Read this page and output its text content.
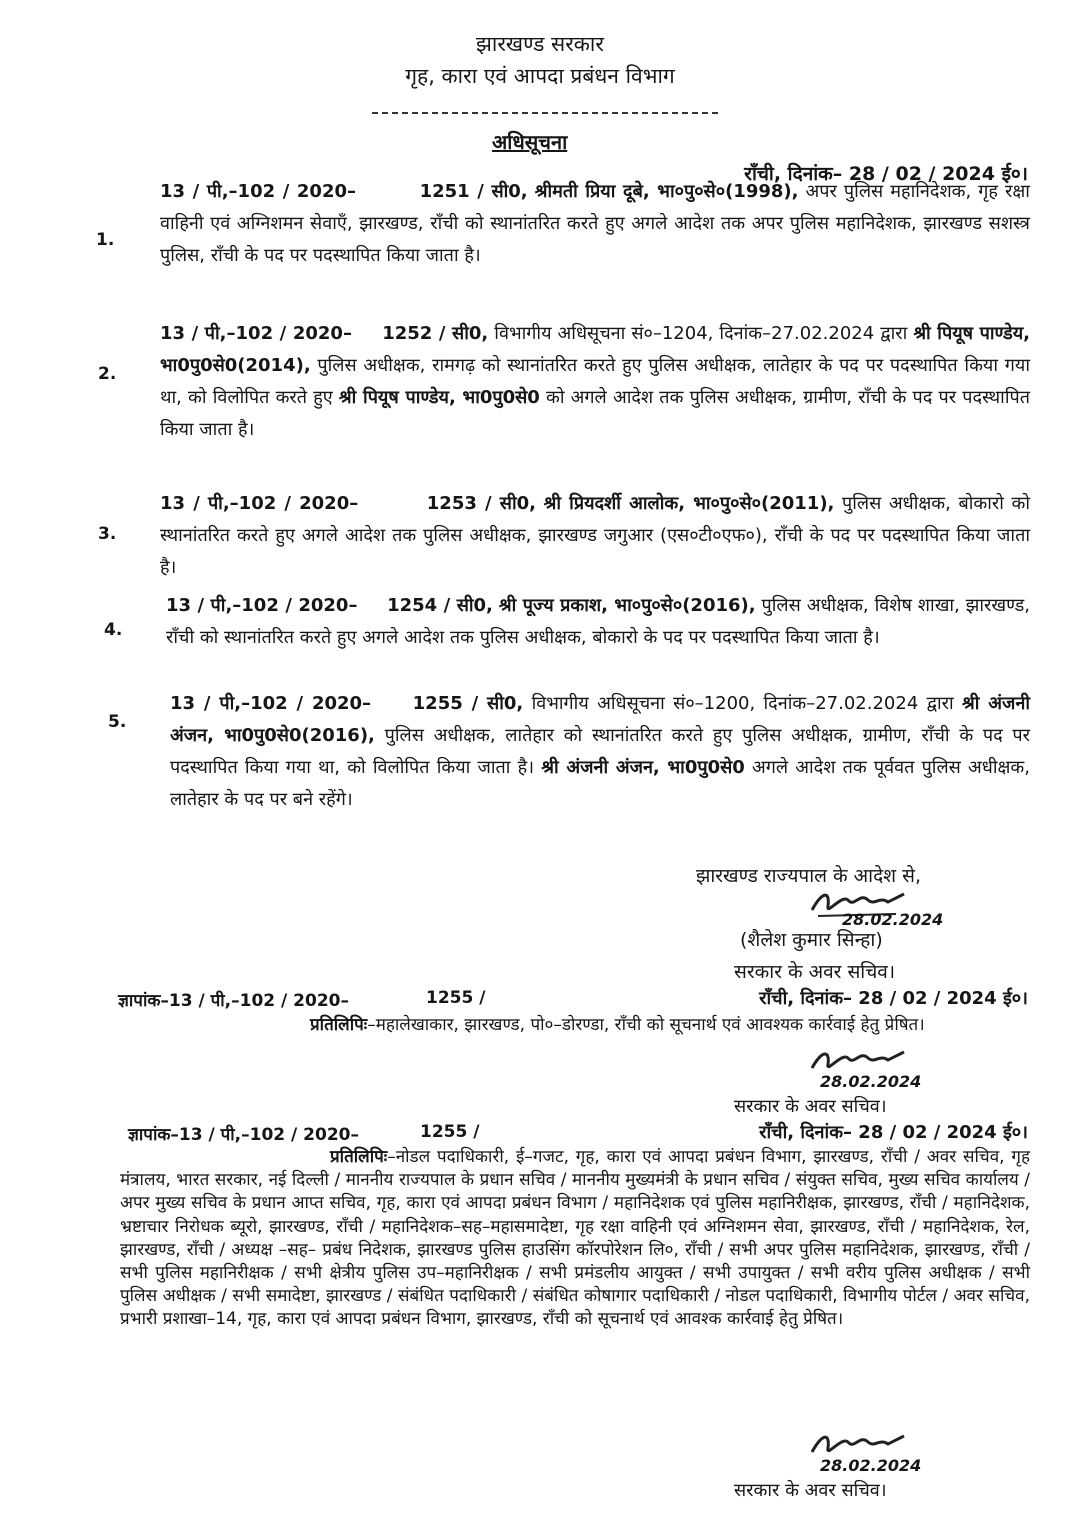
झारखण्ड सरकार
गृह, कारा एवं आपदा प्रबंधन विभाग
अधिसूचना
राँची, दिनांक– 28 / 02 / 2024 ई०।
1.
13 / पी,–102 / 2020–	1251 / सी0, श्रीमती प्रिया दूबे, भा०पु०से०(1998), अपर पुलिस महानिदेशक, गृह रक्षा वाहिनी एवं अग्निशमन सेवाएँ, झारखण्ड, राँची को स्थानांतरित करते हुए अगले आदेश तक अपर पुलिस महानिदेशक, झारखण्ड सशस्त्र पुलिस, राँची के पद पर पदस्थापित किया जाता है।
2.
13 / पी,–102 / 2020– 1252 / सी0, विभागीय अधिसूचना सं०–1204, दिनांक–27.02.2024 द्वारा श्री पियूष पाण्डेय, भा0पु0से0(2014), पुलिस अधीक्षक, रामगढ़ को स्थानांतरित करते हुए पुलिस अधीक्षक, लातेहार के पद पर पदस्थापित किया गया था, को विलोपित करते हुए श्री पियूष पाण्डेय, भा0पु0से0 को अगले आदेश तक पुलिस अधीक्षक, ग्रामीण, राँची के पद पर पदस्थापित किया जाता है।
3.
13 / पी,–102 / 2020–	1253 / सी0, श्री प्रियदर्शी आलोक, भा०पु०से०(2011), पुलिस अधीक्षक, बोकारो को स्थानांतरित करते हुए अगले आदेश तक पुलिस अधीक्षक, झारखण्ड जगुआर (एस०टी०एफ०), राँची के पद पर पदस्थापित किया जाता है।
4.
13 / पी,–102 / 2020– 1254 / सी0, श्री पूज्य प्रकाश, भा०पु०से०(2016), पुलिस अधीक्षक, विशेष शाखा, झारखण्ड, राँची को स्थानांतरित करते हुए अगले आदेश तक पुलिस अधीक्षक, बोकारो के पद पर पदस्थापित किया जाता है।
5.
13 / पी,–102 / 2020– 1255 / सी0, विभागीय अधिसूचना सं०–1200, दिनांक–27.02.2024 द्वारा श्री अंजनी अंजन, भा0पु0से0(2016), पुलिस अधीक्षक, लातेहार को स्थानांतरित करते हुए पुलिस अधीक्षक, ग्रामीण, राँची के पद पर पदस्थापित किया गया था, को विलोपित किया जाता है। श्री अंजनी अंजन, भा0पु0से0 अगले आदेश तक पूर्ववत पुलिस अधीक्षक, लातेहार के पद पर बने रहेंगे।
झारखण्ड राज्यपाल के आदेश से,
28.02.2024
(शैलेश कुमार सिन्हा)
सरकार के अवर सचिव।
ज्ञापांक–13 / पी,–102 / 2020–	1255 /	राँची, दिनांक– 28 / 02 / 2024 ई०।
प्रतिलिपिः–महालेखाकार, झारखण्ड, पो०–डोरण्डा, राँची को सूचनार्थ एवं आवश्यक कार्रवाई हेतु प्रेषित।
28.02.2024
सरकार के अवर सचिव।
ज्ञापांक–13 / पी,–102 / 2020–	1255 /	राँची, दिनांक– 28 / 02 / 2024 ई०।
प्रतिलिपिः–नोडल पदाधिकारी, ई–गजट, गृह, कारा एवं आपदा प्रबंधन विभाग, झारखण्ड, राँची / अवर सचिव, गृह मंत्रालय, भारत सरकार, नई दिल्ली / माननीय राज्यपाल के प्रधान सचिव / माननीय मुख्यमंत्री के प्रधान सचिव / संयुक्त सचिव, मुख्य सचिव कार्यालय / अपर मुख्य सचिव के प्रधान आप्त सचिव, गृह, कारा एवं आपदा प्रबंधन विभाग / महानिदेशक एवं पुलिस महानिरीक्षक, झारखण्ड, राँची / महानिदेशक, भ्रष्टाचार निरोधक ब्यूरो, झारखण्ड, राँची / महानिदेशक–सह–महासमादेष्टा, गृह रक्षा वाहिनी एवं अग्निशमन सेवा, झारखण्ड, राँची / महानिदेशक, रेल, झारखण्ड, राँची / अध्यक्ष –सह– प्रबंध निदेशक, झारखण्ड पुलिस हाउसिंग कॉरपोरेशन लि०, राँची / सभी अपर पुलिस महानिदेशक, झारखण्ड, राँची / सभी पुलिस महानिरीक्षक / सभी क्षेत्रीय पुलिस उप–महानिरीक्षक / सभी प्रमंडलीय आयुक्त / सभी उपायुक्त / सभी वरीय पुलिस अधीक्षक / सभी पुलिस अधीक्षक / सभी समादेष्टा, झारखण्ड / संबंधित पदाधिकारी / संबंधित कोषागार पदाधिकारी / नोडल पदाधिकारी, विभागीय पोर्टल / अवर सचिव, प्रभारी प्रशाखा–14, गृह, कारा एवं आपदा प्रबंधन विभाग, झारखण्ड, राँची को सूचनार्थ एवं आवश्क कार्रवाई हेतु प्रेषित।
28.02.2024
सरकार के अवर सचिव।
